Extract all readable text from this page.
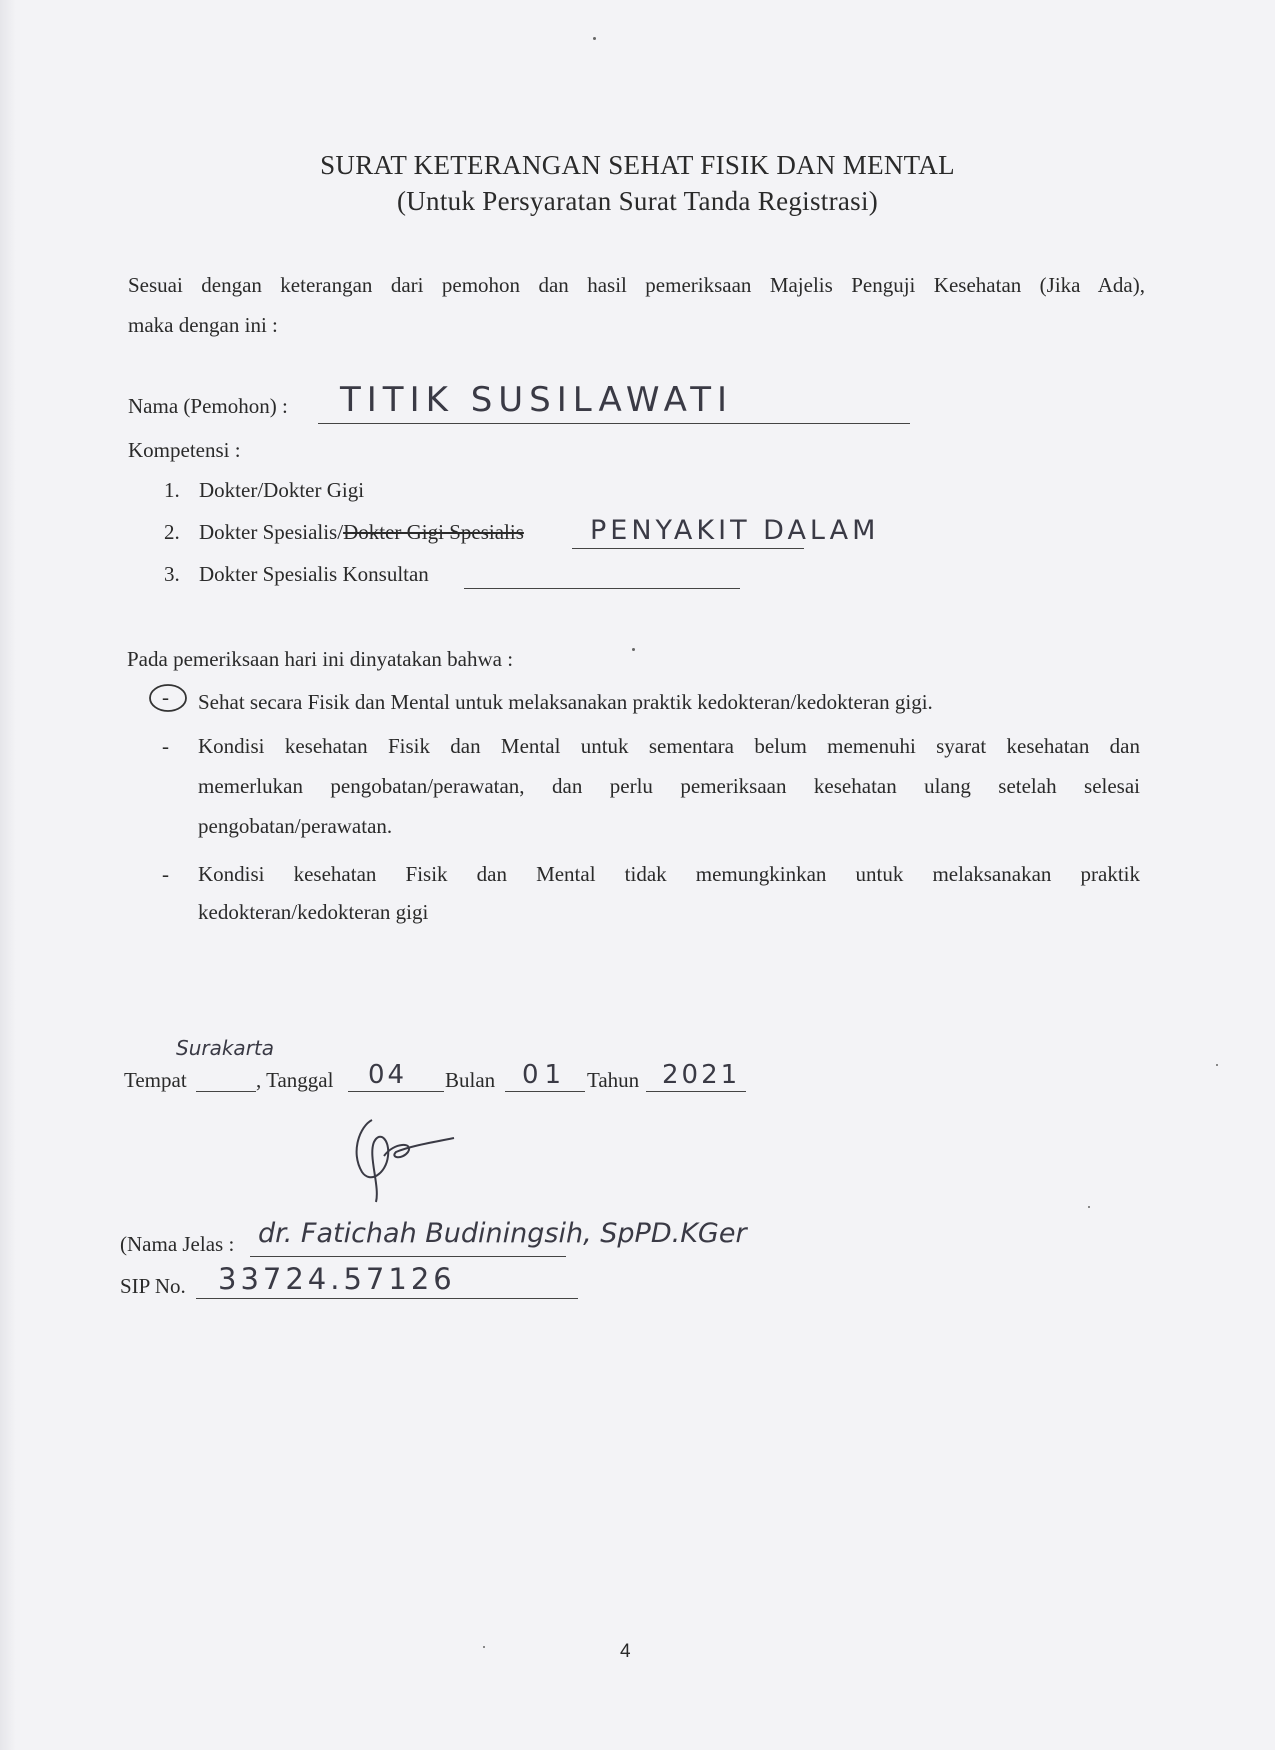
SURAT KETERANGAN SEHAT FISIK DAN MENTAL
(Untuk Persyaratan Surat Tanda Registrasi)
Sesuai dengan keterangan dari pemohon dan hasil pemeriksaan Majelis Penguji Kesehatan (Jika Ada),
maka dengan ini :
Nama (Pemohon) : TITIK SUSILAWATI
Kompetensi :
1. Dokter/Dokter Gigi
2. Dokter Spesialis/Dokter Gigi Spesialis PENYAKIT DALAM
3. Dokter Spesialis Konsultan
Pada pemeriksaan hari ini dinyatakan bahwa :
- Sehat secara Fisik dan Mental untuk melaksanakan praktik kedokteran/kedokteran gigi.
- Kondisi kesehatan Fisik dan Mental untuk sementara belum memenuhi syarat kesehatan dan
memerlukan pengobatan/perawatan, dan perlu pemeriksaan kesehatan ulang setelah selesai
pengobatan/perawatan.
- Kondisi kesehatan Fisik dan Mental tidak memungkinkan untuk melaksanakan praktik
kedokteran/kedokteran gigi
Tempat
Surakarta
, Tanggal 04 Bulan 01 Tahun 2021
(Nama Jelas : dr. Fatichah Budiningsih, SpPD.KGer
SIP No. 33724.57126
4
